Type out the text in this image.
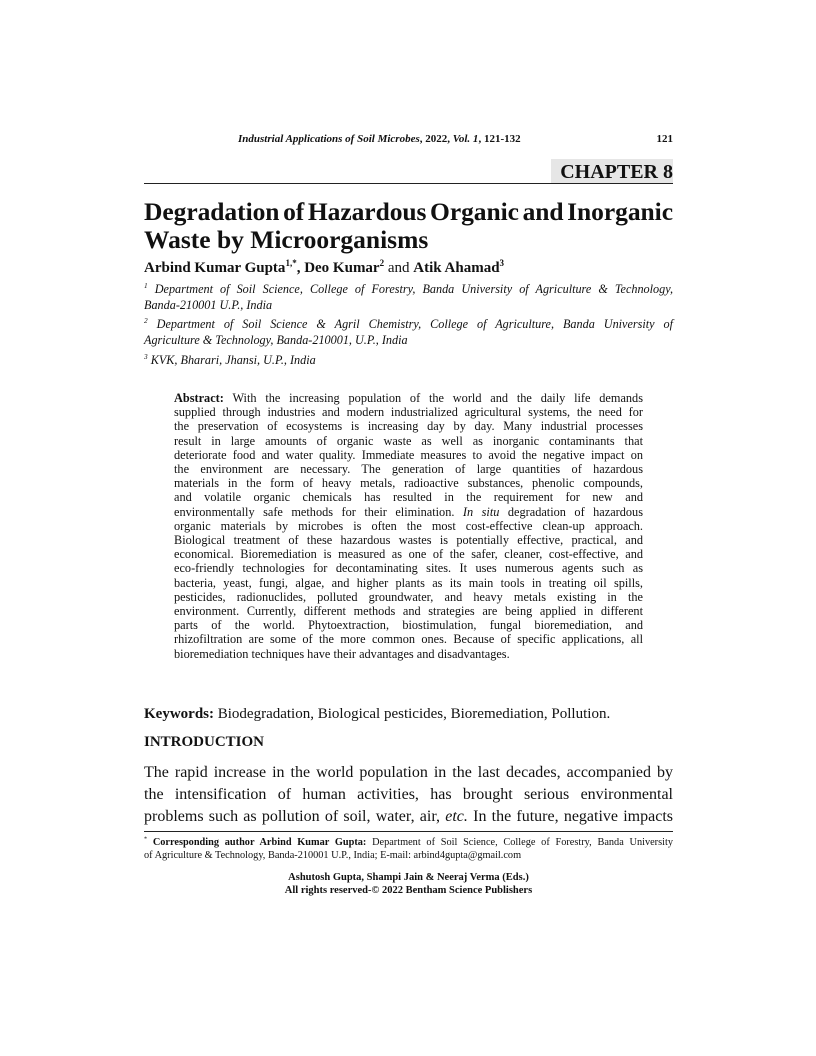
Industrial Applications of Soil Microbes, 2022, Vol. 1, 121-132	121
CHAPTER 8
Degradation of Hazardous Organic and Inorganic
Waste by Microorganisms
Arbind Kumar Gupta$^{1,*}$, Deo Kumar$^2$ and Atik Ahamad$^3$
$^1$ Department of Soil Science, College of Forestry, Banda University of Agriculture & Technology,
Banda-210001 U.P., India
$^2$ Department of Soil Science & Agril Chemistry, College of Agriculture, Banda University of
Agriculture & Technology, Banda-210001, U.P., India
$^3$ KVK, Bharari, Jhansi, U.P., India
Abstract: With the increasing population of the world and the daily life demands
supplied through industries and modern industrialized agricultural systems, the need for
the preservation of ecosystems is increasing day by day. Many industrial processes
result in large amounts of organic waste as well as inorganic contaminants that
deteriorate food and water quality. Immediate measures to avoid the negative impact on
the environment are necessary. The generation of large quantities of hazardous
materials in the form of heavy metals, radioactive substances, phenolic compounds,
and volatile organic chemicals has resulted in the requirement for new and
environmentally safe methods for their elimination. In situ degradation of hazardous
organic materials by microbes is often the most cost-effective clean-up approach.
Biological treatment of these hazardous wastes is potentially effective, practical, and
economical. Bioremediation is measured as one of the safer, cleaner, cost-effective, and
eco-friendly technologies for decontaminating sites. It uses numerous agents such as
bacteria, yeast, fungi, algae, and higher plants as its main tools in treating oil spills,
pesticides, radionuclides, polluted groundwater, and heavy metals existing in the
environment. Currently, different methods and strategies are being applied in different
parts of the world. Phytoextraction, biostimulation, fungal bioremediation, and
rhizofiltration are some of the more common ones. Because of specific applications, all
bioremediation techniques have their advantages and disadvantages.
Keywords: Biodegradation, Biological pesticides, Bioremediation, Pollution.
INTRODUCTION
The rapid increase in the world population in the last decades, accompanied by
the intensification of human activities, has brought serious environmental
problems such as pollution of soil, water, air, etc. In the future, negative impacts
* Corresponding author Arbind Kumar Gupta: Department of Soil Science, College of Forestry, Banda University
of Agriculture & Technology, Banda-210001 U.P., India; E-mail: arbind4gupta@gmail.com
Ashutosh Gupta, Shampi Jain & Neeraj Verma (Eds.)
All rights reserved-© 2022 Bentham Science Publishers
